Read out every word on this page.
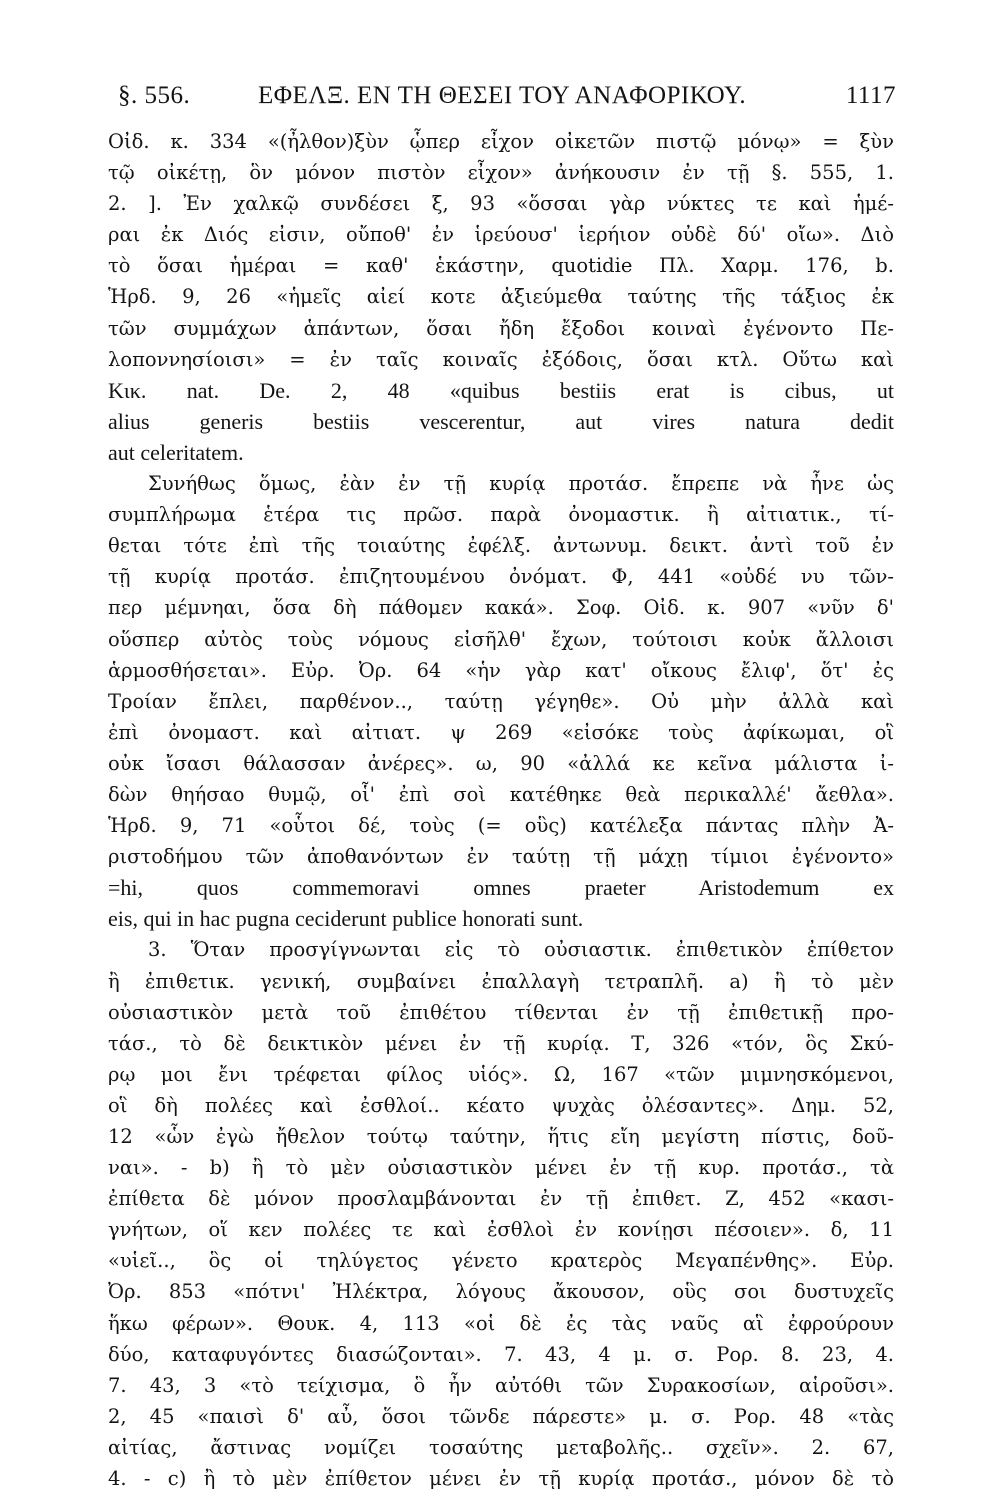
§. 556.	ΕΦΕΛΞ. ΕΝ ΤΗ ΘΕΣΕΙ ΤΟΥ ΑΝΑΦΟΡΙΚΟΥ.	1117
Οἰδ. κ. 334 «(ἦλθον)ξὺν ᾧπερ εἶχον οἰκετῶν πιστῷ μόνῳ» = ξὺν
τῷ οἰκέτῃ, ὃν μόνον πιστὸν εἶχον» ἀνήκουσιν ἐν τῇ §. 555, 1.
2. ]. Ἐν χαλκῷ συνδέσει ξ, 93 «ὅσσαι γὰρ νύκτες τε καὶ ἡμέ-
ραι ἐκ Διός εἰσιν, οὔποθ' ἐν ἱρεύουσ' ἱερήιον οὐδὲ δύ' οἴω». Διὸ
τὸ ὅσαι ἡμέραι = καθ' ἑκάστην, quotidie Πλ. Χαρμ. 176, b.
Ἡρδ. 9, 26 «ἡμεῖς αἰεί κοτε ἀξιεύμεθα ταύτης τῆς τάξιος ἐκ
τῶν συμμάχων ἁπάντων, ὅσαι ἤδη ἔξοδοι κοιναὶ ἐγένοντο Πε-
λοποννησίοισι» = ἐν ταῖς κοιναῖς ἐξόδοις, ὅσαι κτλ. Οὕτω καὶ
Κικ. nat. De. 2, 48 «quibus bestiis erat is cibus, ut
alius generis bestiis vescerentur, aut vires natura dedit
aut celeritatem.
Συνήθως ὅμως, ἐὰν ἐν τῇ κυρίᾳ προτάσ. ἔπρεπε νὰ ἦνε ὡς
συμπλήρωμα ἑτέρα τις πρῶσ. παρὰ ὀνομαστικ. ἢ αἰτιατικ., τί-
θεται τότε ἐπὶ τῆς τοιαύτης ἐφέλξ. ἀντωνυμ. δεικτ. ἀντὶ τοῦ ἐν
τῇ κυρίᾳ προτάσ. ἐπιζητουμένου ὀνόματ. Φ, 441 «οὐδέ νυ τῶν-
περ μέμνηαι, ὅσα δὴ πάθομεν κακά». Σοφ. Οἰδ. κ. 907 «νῦν δ'
οὕσπερ αὐτὸς τοὺς νόμους εἰσῆλθ' ἔχων, τούτοισι κοὐκ ἄλλοισι
ἁρμοσθήσεται». Εὐρ. Ὀρ. 64 «ἡν γὰρ κατ' οἴκους ἔλιφ', ὅτ' ἐς
Τροίαν ἔπλει, παρθένον.., ταύτῃ γέγηθε». Οὐ μὴν ἀλλὰ καὶ
ἐπὶ ὀνομαστ. καὶ αἰτιατ. ψ 269 «εἰσόκε τοὺς ἀφίκωμαι, οἳ
οὐκ ἴσασι θάλασσαν ἀνέρες». ω, 90 «ἀλλά κε κεῖνα μάλιστα ἰ-
δὼν θηήσαο θυμῷ, οἷ' ἐπὶ σοὶ κατέθηκε θεὰ περικαλλέ' ἄεθλα».
Ἡρδ. 9, 71 «οὗτοι δέ, τοὺς (= οὓς) κατέλεξα πάντας πλὴν Ἀ-
ριστοδήμου τῶν ἀποθανόντων ἐν ταύτῃ τῇ μάχῃ τίμιοι ἐγένοντο»
=hi, quos commemoravi omnes praeter Aristodemum ex
eis, qui in hac pugna ceciderunt publice honorati sunt.
3. Ὅταν προσγίγνωνται εἰς τὸ οὐσιαστικ. ἐπιθετικὸν ἐπίθετον
ἢ ἐπιθετικ. γενική, συμβαίνει ἐπαλλαγὴ τετραπλῆ. a) ἢ τὸ μὲν
οὐσιαστικὸν μετὰ τοῦ ἐπιθέτου τίθενται ἐν τῇ ἐπιθετικῇ προ-
τάσ., τὸ δὲ δεικτικὸν μένει ἐν τῇ κυρίᾳ. Τ, 326 «τόν, ὃς Σκύ-
ρῳ μοι ἔνι τρέφεται φίλος υἱός». Ω, 167 «τῶν μιμνησκόμενοι,
οἳ δὴ πολέες καὶ ἐσθλοί.. κέατο ψυχὰς ὀλέσαντες». Δημ. 52,
12 «ὧν ἐγὼ ἤθελον τούτῳ ταύτην, ἥτις εἴη μεγίστη πίστις, δοῦ-
ναι». - b) ἢ τὸ μὲν οὐσιαστικὸν μένει ἐν τῇ κυρ. προτάσ., τὰ
ἐπίθετα δὲ μόνον προσλαμβάνονται ἐν τῇ ἐπιθετ. Ζ, 452 «κασι-
γνήτων, οἵ κεν πολέες τε καὶ ἐσθλοὶ ἐν κονίῃσι πέσοιεν». δ, 11
«υἱεῖ.., ὃς οἱ τηλύγετος γένετο κρατερὸς Μεγαπένθης». Εὐρ.
Ὀρ. 853 «πότνι' Ἠλέκτρα, λόγους ἄκουσον, οὓς σοι δυστυχεῖς
ἥκω φέρων». Θουκ. 4, 113 «οἱ δὲ ἐς τὰς ναῦς αἳ ἐφρούρουν
δύο, καταφυγόντες διασώζονται». 7. 43, 4 μ. σ. Ρορ. 8. 23, 4.
7. 43, 3 «τὸ τείχισμα, ὃ ἦν αὐτόθι τῶν Συρακοσίων, αἱροῦσι».
2, 45 «παισὶ δ' αὖ, ὅσοι τῶνδε πάρεστε» μ. σ. Ρορ. 48 «τὰς
αἰτίας, ἄστινας νομίζει τοσαύτης μεταβολῆς.. σχεῖν». 2. 67,
4. - c) ἢ τὸ μὲν ἐπίθετον μένει ἐν τῇ κυρίᾳ προτάσ., μόνον δὲ τὸ
